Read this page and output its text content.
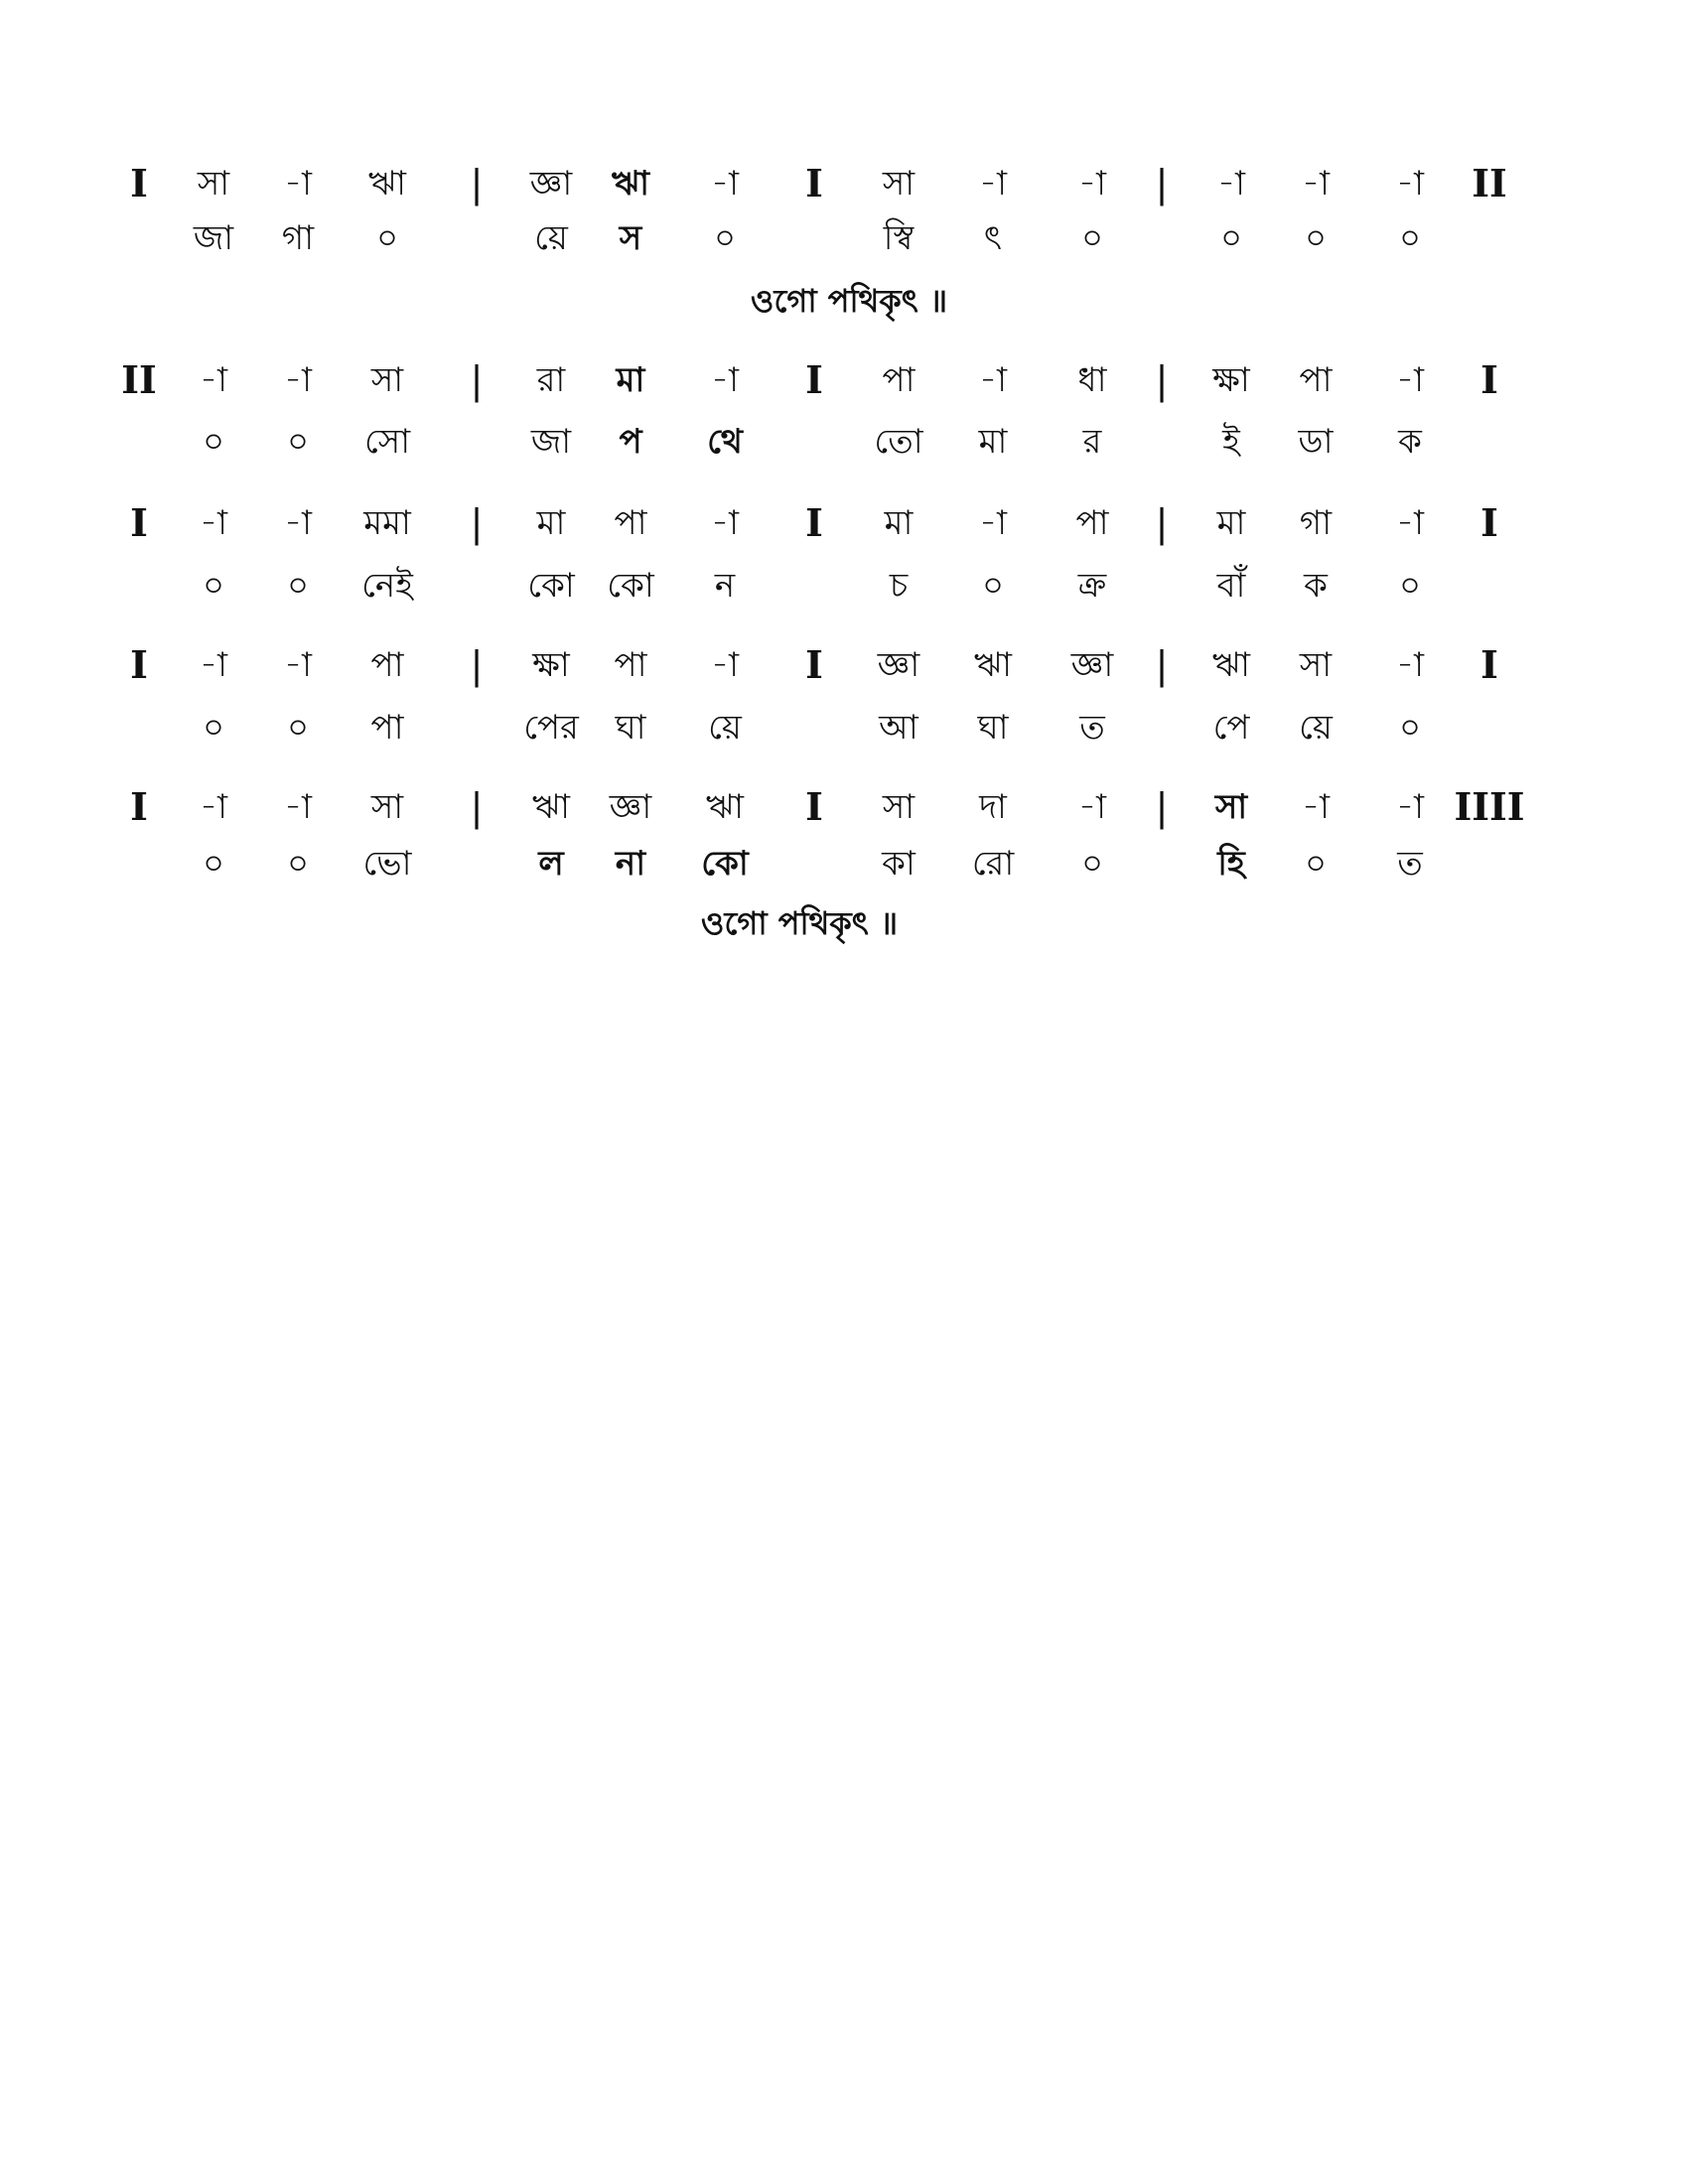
I সা -া ঋা | জ্ঞা ঋা -া I সা -া -া | -া -া -া II
জা গা ০	য়ে স ০	স্বি ৎ ০	০ ০ ০
ওগো পথিকৃৎ ॥
II -া -া সা | রা মা -া I পা -া ধা | ক্ষা পা -া I
০ ০ সো	জা প থে	তো মা র	ই ডা ক
I -া -া মমা | মা পা -া I মা -া পা | মা গা -া I
০ ০ নেই	কো কো ন	চ ০ ক্র	বাঁ ক ০
I -া -া পা | ক্ষা পা -া I জ্ঞা ঋা জ্ঞা | ঋা সা -া I
০ ০ পা	পের ঘা য়ে	আ ঘা ত	পে য়ে ০
I -া -া সা | ঋা জ্ঞা ঋা I সা দা -া | সা -া -া IIII
০ ০ ভো	ল না কো	কা রো ০	হি ০ ত
ওগো পথিকৃৎ ॥
